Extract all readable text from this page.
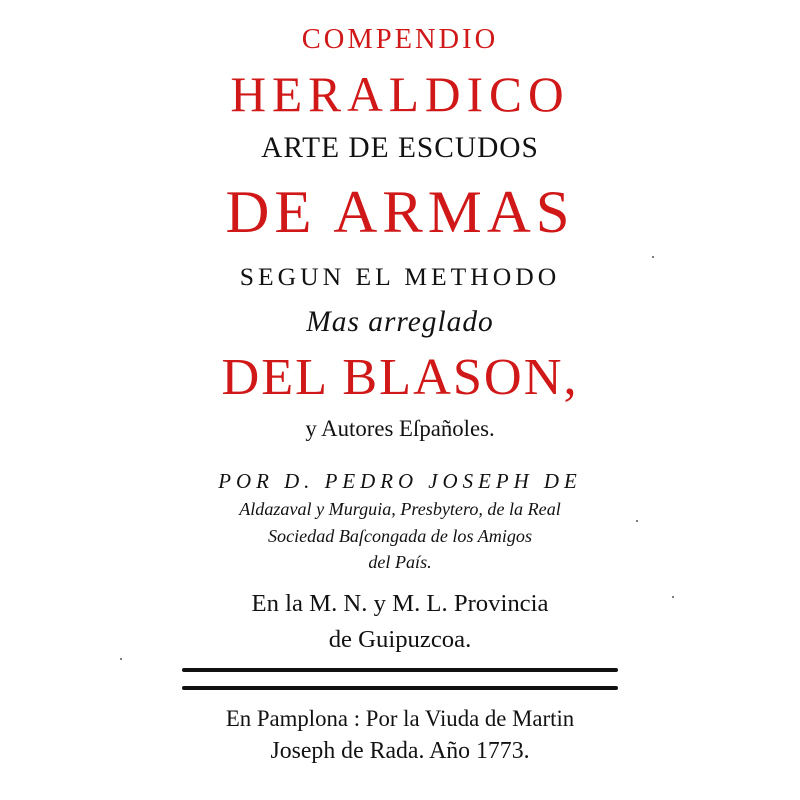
COMPENDIO
HERALDICO
ARTE DE ESCUDOS
DE ARMAS
SEGUN EL METHODO
Mas arreglado
DEL BLASON,
y Autores Eſpañoles.
POR D. PEDRO JOSEPH DE
Aldazaval y Murguia, Presbytero, de la Real
Sociedad Baſcongada de los Amigos
del País.
En la M. N. y M. L. Provincia
de Guipuzcoa.
En Pamplona : Por la Viuda de Martin
Joseph de Rada. Año 1773.
